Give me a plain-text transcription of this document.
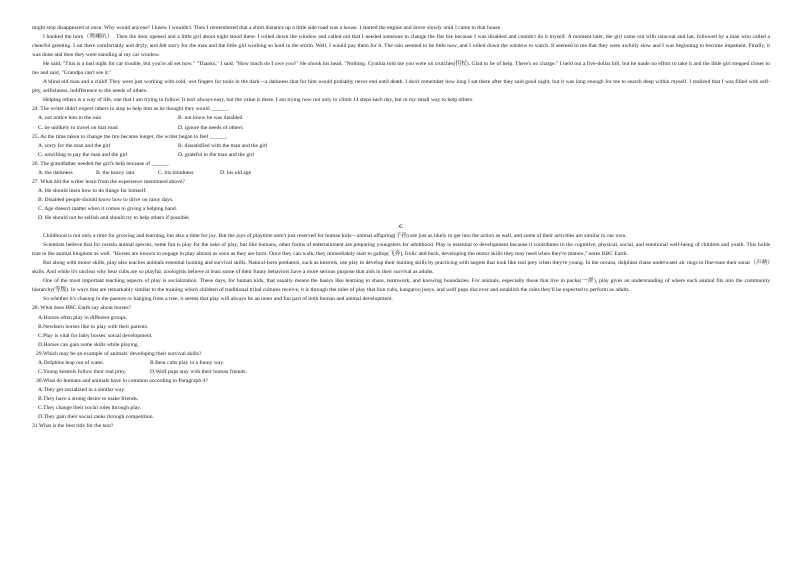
might stop disappeared at once. Why would anyone? I knew I wouldn't. Then I remembered that a short distance up a little side road was a house. I started the engine and drove slowly until I came to that house.

I honked the horn（鸣喇叭）. Then the door opened and a little girl about eight stood there. I rolled down the window and called out that I needed someone to change the flat tire because I was disabled and couldn't do it myself. A moment later, the girl came out with raincoat and hat, followed by a man who called a cheerful greeting. I sat there comfortably and dryly, and felt sorry for the man and the little girl working so hard in the storm. Well, I would pay them for it. The rain seemed to be little now, and I rolled down the window to watch. It seemed to me that they were awfully slow and I was beginning to become impatient. Finally, it was done and then they were standing at my car window.

He said, "This is a bad night for car trouble, but you're all set now." "Thanks," I said. "How much do I owe you?" He shook his head. "Nothing. Cynthia told me you were on crutches(拐杖). Glad to be of help. There's no charge." I held out a five-dollar bill, but he made no effort to take it and the little girl stepped closer to me and said, "Grandpa can't see it."

A blind old man and a child! They were just working with cold, wet fingers for tools in the dark—a darkness that for him would probably never end until death. I don't remember how long I sat there after they said good night, but it was long enough for me to search deep within myself. I realized that I was filled with self-pity, selfishness, indifference to the needs of others.

Helping others is a way of life, one that I am trying to follow. It isn't always easy, but the value is there. I am trying now not only to climb 14 steps each day, but in my small way to help others.

24. The writer didn't expect others to stop to help him as he thought they would ______.

A. not notice him in the rain	B. not know he was disabled
C. be unlikely to travel on that road	D. ignore the needs of others

25. As the time taken to change the tire became longer, the writer began to feel ______.

A. sorry for the man and the girl	B. dissatisfied with the man and the girl
C. unwilling to pay the man and the girl	D. grateful to the man and the girl

26. The grandfather needed the girl's help because of ______.

A. the darkness	B. the heavy rain	C. his blindness	D. his old age

27. What did the writer learn from the experience mentioned above?

A. He should learn how to do things for himself.

B. Disabled people should know how to drive on rainy days.

C. Age doesn't matter when it comes to giving a helping hand.

D. He should not be selfish and should try to help others if possible.

C

Childhood is not only a time for growing and learning, but also a time for joy. But the joys of playtime aren't just reserved for human kids—animal offspring(子孙) are just as likely to get into the action as well, and some of their activities are similar to our own.

Scientists believe that for certain animal species, some fun is play for the sake of play, but like humans, other forms of entertainment are preparing youngsters for adulthood. Play is essential to development because it contributes to the cognitive, physical, social, and emotional well-being of children and youth. This holds true in the animal kingdom as well. "Horses are known to engage in play almost as soon as they are born. Once they can walk, they immediately start to gallop(飞奔), frolic and buck, developing the motor skills they may need when they're mature," notes BBC Earth.

But along with motor skills, play also teaches animals essential hunting and survival skills. Natural-born predators, such as kestrels, use play to develop their hunting skills by practicing with targets that look like real prey when they're young. In the oceans, dolphins chase underwater air rings to fine-tune their sonar（声呐）skills. And while it's unclear why bear cubs are so playful, zoologists believe at least some of their funny behaviors have a more serious purpose that aids in their survival as adults.

One of the most important teaching aspects of play is socialization. These days, for human kids, that usually means the basics like learning to share, teamwork, and knowing boundaries. For animals, especially those that live in packs(一群), play gives an understanding of where each animal fits into the community hierarchy(等级). In ways that are remarkably similar to the training which children of traditional tribal cultures receive, it is through the rules of play that lion cubs, kangaroo joeys, and wolf pups discover and establish the roles they'll be expected to perform as adults.

So whether it's chasing in the pasture or hanging from a tree, it seems that play will always be an inner and fun part of both human and animal development.

28. What does BBC Earth say about horses?

A.Horses often play in different groups.

B.Newborn horses like to play with their parents.

C.Play is vital for baby horses' social development.

D.Horses can gain some skills while playing.

29.Which may be an example of animals' developing their survival skills?

A.Dolphins leap out of water.	B.Bear cubs play in a funny way.
C.Young kestrels follow their real prey.	D.Wolf pups stay with their human friends.

30.What do humans and animals have in common according to Paragraph 4?

A.They get socialized in a similar way.

B.They have a strong desire to make friends.

C.They change their social roles through play.

D.They gain their social ranks through competition.

31.What is the best title for the text?
